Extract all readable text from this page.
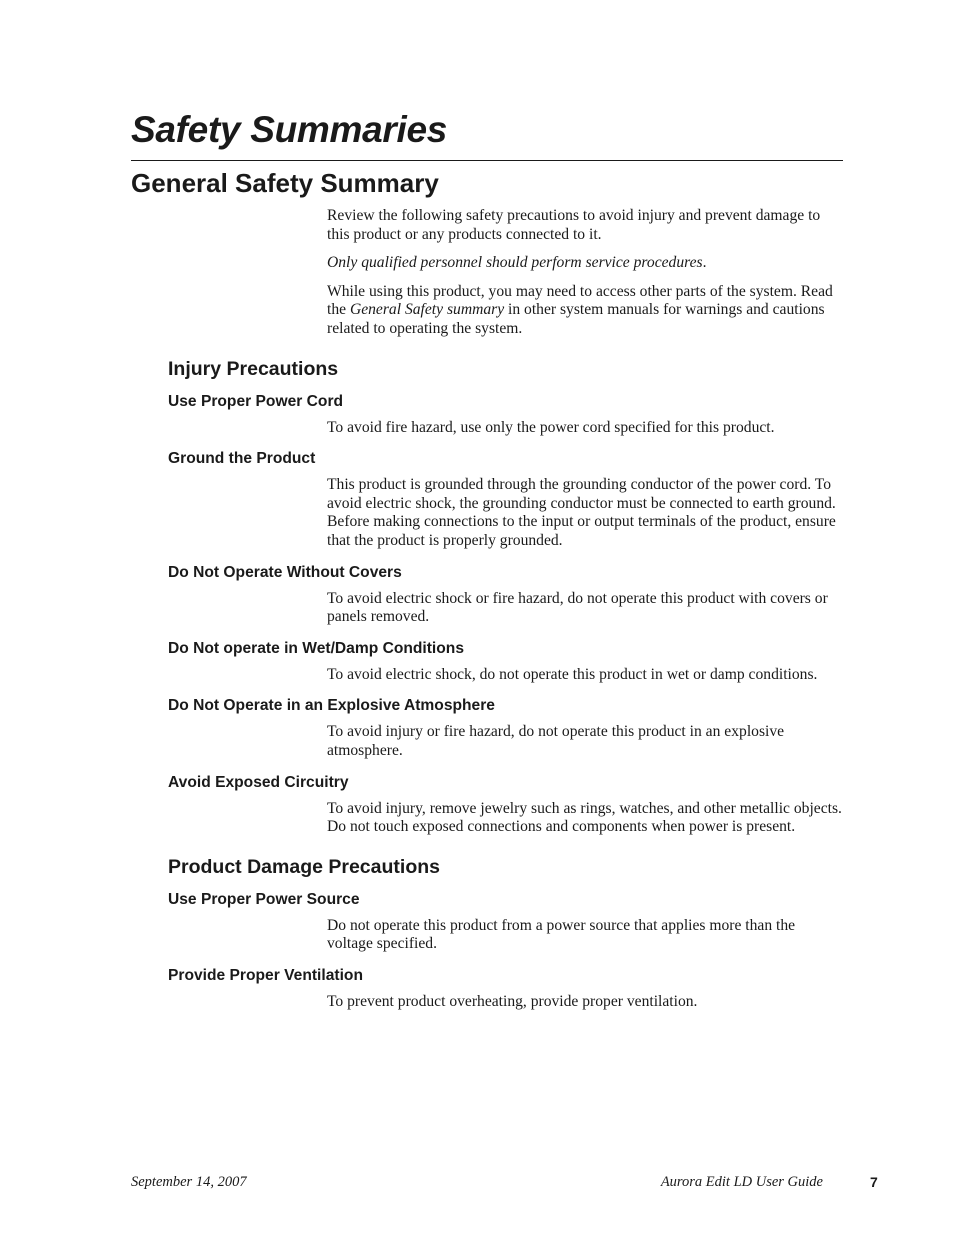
Safety Summaries
General Safety Summary

Review the following safety precautions to avoid injury and prevent damage to this product or any products connected to it.

Only qualified personnel should perform service procedures.

While using this product, you may need to access other parts of the system. Read the General Safety summary in other system manuals for warnings and cautions related to operating the system.

Injury Precautions
Use Proper Power Cord

To avoid fire hazard, use only the power cord specified for this product.

Ground the Product

This product is grounded through the grounding conductor of the power cord. To avoid electric shock, the grounding conductor must be connected to earth ground. Before making connections to the input or output terminals of the product, ensure that the product is properly grounded.

Do Not Operate Without Covers

To avoid electric shock or fire hazard, do not operate this product with covers or panels removed.

Do Not operate in Wet/Damp Conditions

To avoid electric shock, do not operate this product in wet or damp conditions.

Do Not Operate in an Explosive Atmosphere

To avoid injury or fire hazard, do not operate this product in an explosive atmosphere.

Avoid Exposed Circuitry

To avoid injury, remove jewelry such as rings, watches, and other metallic objects. Do not touch exposed connections and components when power is present.

Product Damage Precautions
Use Proper Power Source

Do not operate this product from a power source that applies more than the voltage specified.

Provide Proper Ventilation

To prevent product overheating, provide proper ventilation.

September 14, 2007	Aurora Edit LD User Guide	7
